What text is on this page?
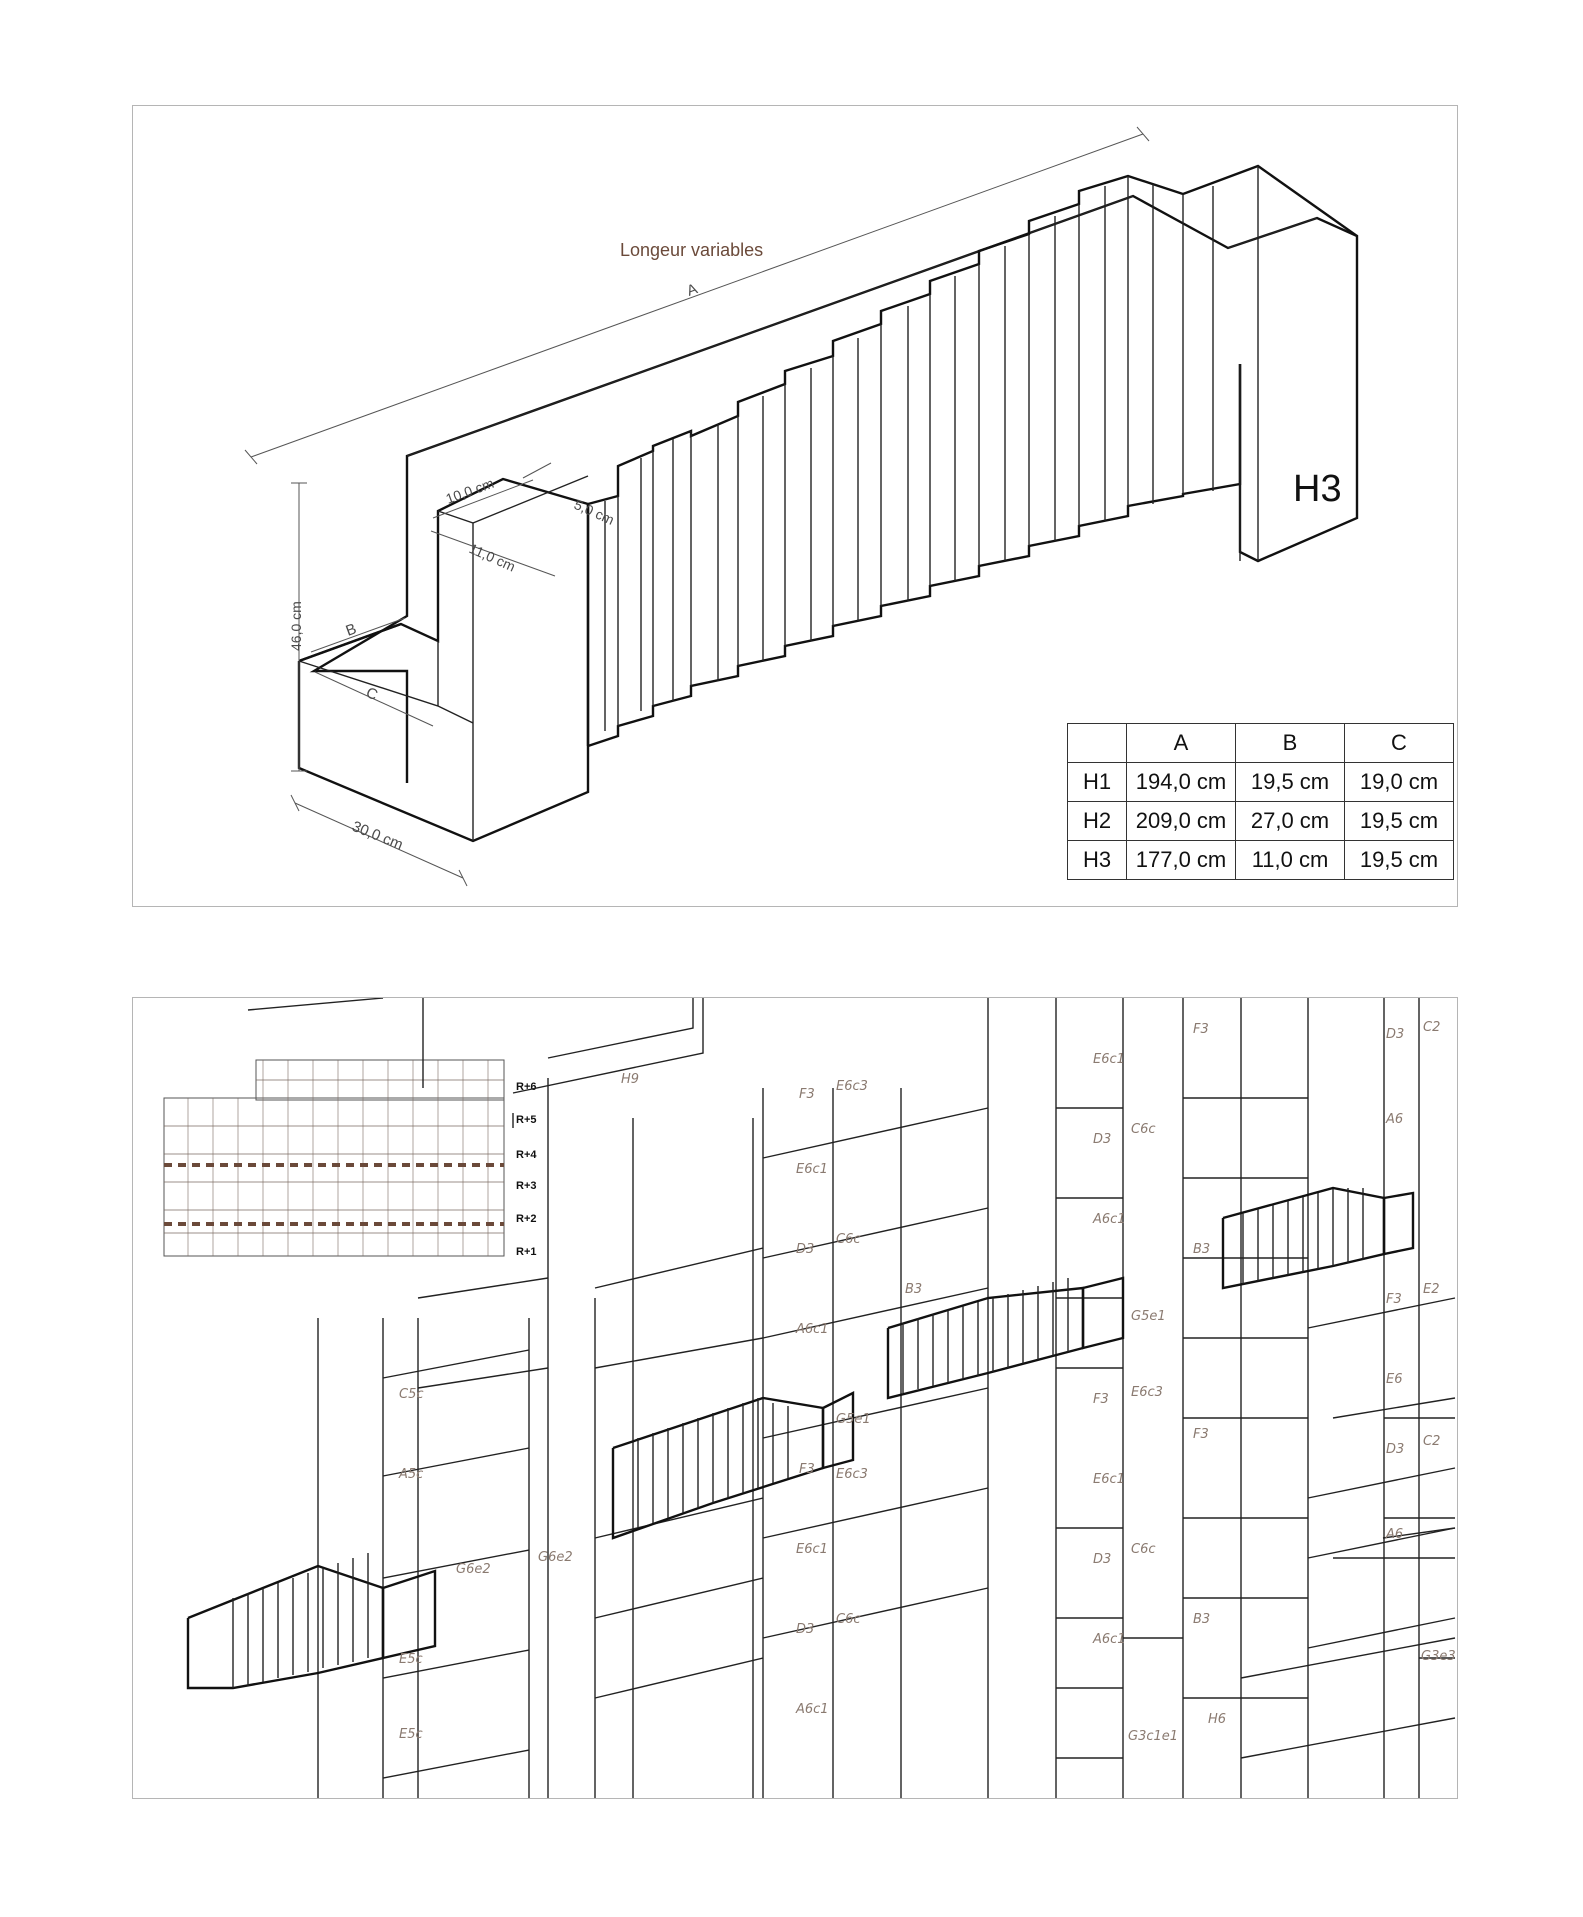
Longeur variables
A
46,0 cm
30,0 cm
B
C
10,0 cm
5,0 cm
11,0 cm
H3
	A	B	C
H1	194,0 cm	19,5 cm	19,0 cm
H2	209,0 cm	27,0 cm	19,5 cm
H3	177,0 cm	11,0 cm	19,5 cm
R+6
R+5
R+4
R+3
R+2
R+1
H9
F3
E6c3
E6c1
D3
C6c
A6c1
G5e1
F3 E6c3
E6c1
D3
C6c
A6c1
C5c
A5c
G6e2
G6e2
E5c
E5c
E6c1
D3
C6c
A6c1
G5e1
F3 E6c3
E6c1
D3
C6c
A6c1
D3 C2
A6
F3
E2
E6
D3
C2
A6
G3e3
G3c1e1
H6
B3
B3
B3
F3
F3
